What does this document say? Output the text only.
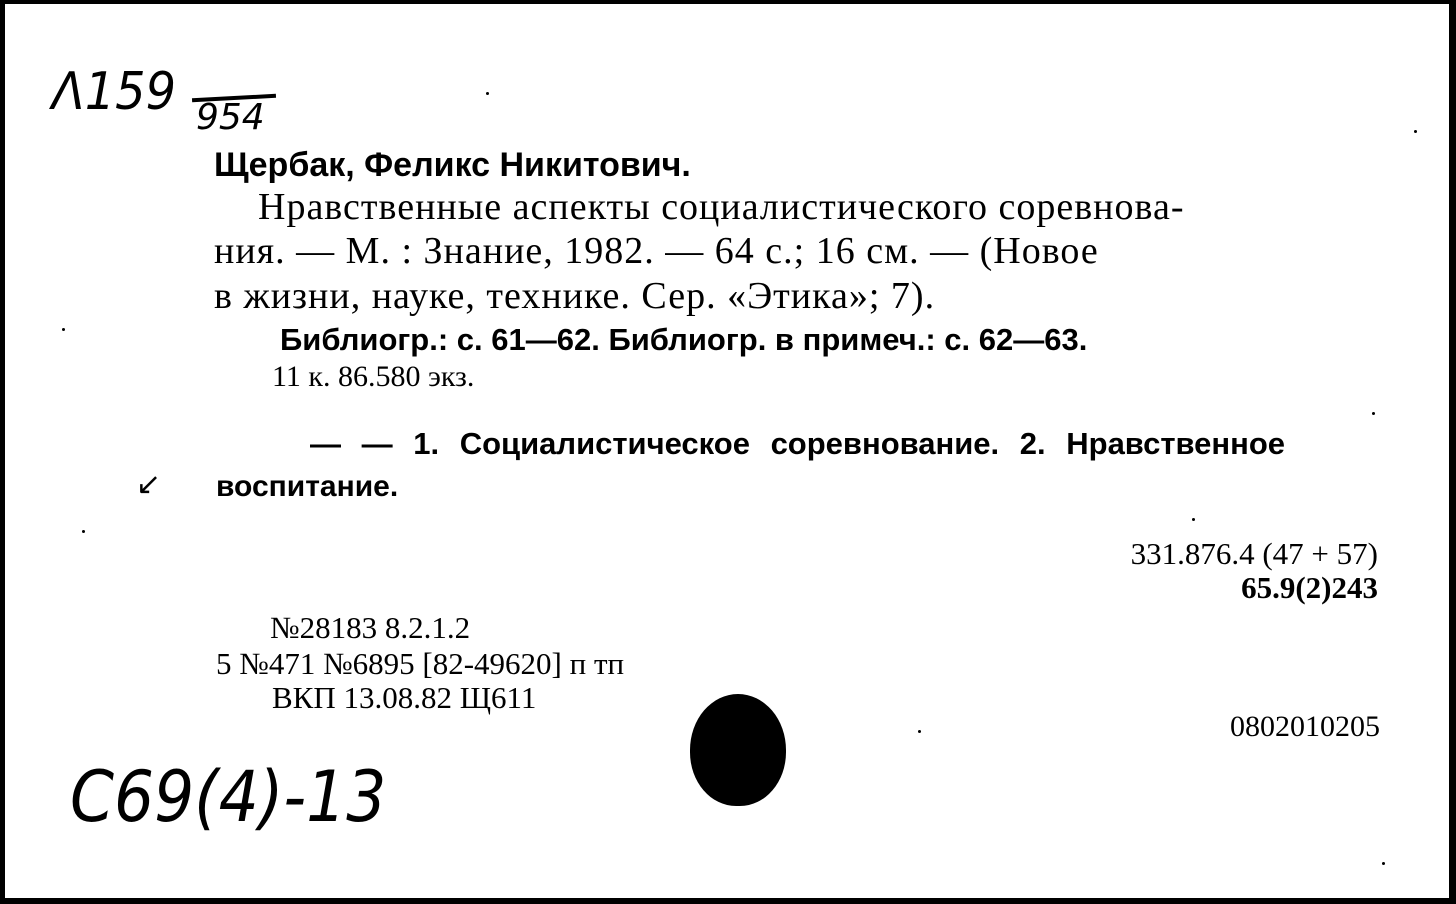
Λ159 954
Щербак, Феликс Никитович.
Нравственные аспекты социалистического соревнова-
ния. — М. : Знание, 1982. — 64 с.; 16 см. — (Новое
в жизни, науке, технике. Сер. «Этика»; 7).
Библиогр.: с. 61—62. Библиогр. в примеч.: с. 62—63.
11 к. 86.580 экз.
— — 1. Социалистическое соревнование. 2. Нравственное
воспитание.
↙
331.876.4 (47 + 57)
65.9(2)243
№28183 8.2.1.2
5 №471 №6895 [82-49620] п тп
ВКП 13.08.82 Щ611
0802010205
C69(4)-13
